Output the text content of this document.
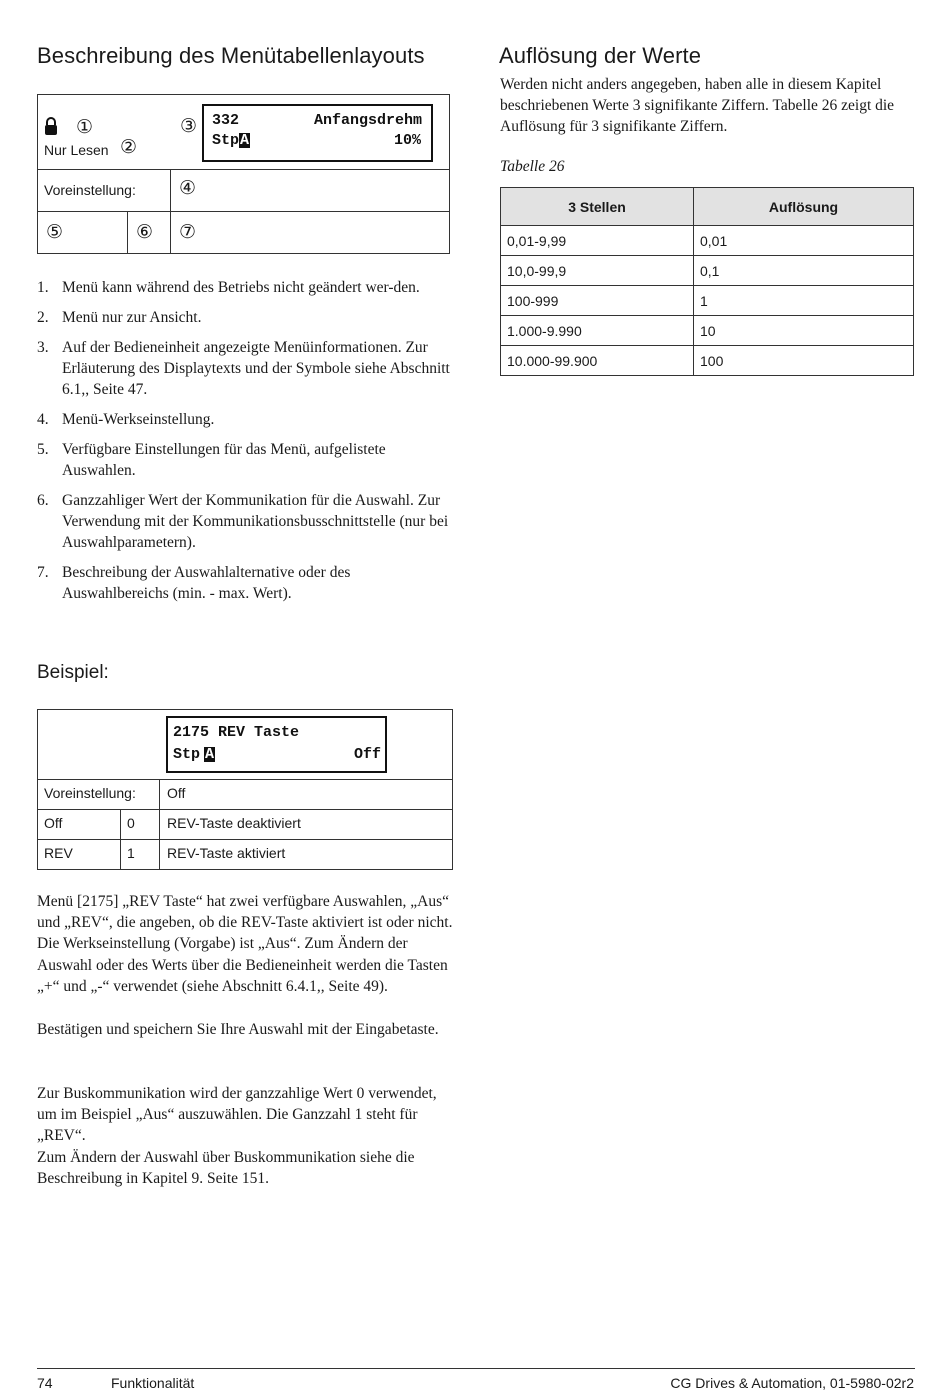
Beschreibung des Menütabellenlayouts
①
Nur Lesen ②
③ 332	Anfangsdrehm
StpA	10%
Voreinstellung: ④
⑤	⑥ ⑦
1. Menü kann während des Betriebs nicht geändert wer-den.
2. Menü nur zur Ansicht.
3. Auf der Bedieneinheit angezeigte Menüinformationen. Zur Erläuterung des Displaytexts und der Symbole siehe Abschnitt 6.1,, Seite 47.
4. Menü-Werkseinstellung.
5. Verfügbare Einstellungen für das Menü, aufgelistete Auswahlen.
6. Ganzzahliger Wert der Kommunikation für die Auswahl. Zur Verwendung mit der Kommunikationsbusschnittstelle (nur bei Auswahlparametern).
7. Beschreibung der Auswahlalternative oder des Auswahlbereichs (min. - max. Wert).
Beispiel:
2175 REV Taste
Stp A	Off
Voreinstellung: Off
Off	0 REV-Taste deaktiviert
REV	1 REV-Taste aktiviert
Menü [2175] „REV Taste“ hat zwei verfügbare Auswahlen, „Aus“ und „REV“, die angeben, ob die REV-Taste aktiviert ist oder nicht. Die Werkseinstellung (Vorgabe) ist „Aus“. Zum Ändern der Auswahl oder des Werts über die Bedieneinheit werden die Tasten „+“ und „-“ verwendet (siehe Abschnitt 6.4.1,, Seite 49).
Bestätigen und speichern Sie Ihre Auswahl mit der Eingabetaste.
Zur Buskommunikation wird der ganzzahlige Wert 0 verwendet, um im Beispiel „Aus“ auszuwählen. Die Ganzzahl 1 steht für „REV“.
Zum Ändern der Auswahl über Buskommunikation siehe die Beschreibung in Kapitel 9. Seite 151.
Auflösung der Werte
Werden nicht anders angegeben, haben alle in diesem Kapitel beschriebenen Werte 3 signifikante Ziffern. Tabelle 26 zeigt die Auflösung für 3 signifikante Ziffern.
Tabelle 26
3 Stellen	Auflösung
0,01-9,99	0,01
10,0-99,9	0,1
100-999	1
1.000-9.990	10
10.000-99.900	100
74	Funktionalität	CG Drives & Automation, 01-5980-02r2
